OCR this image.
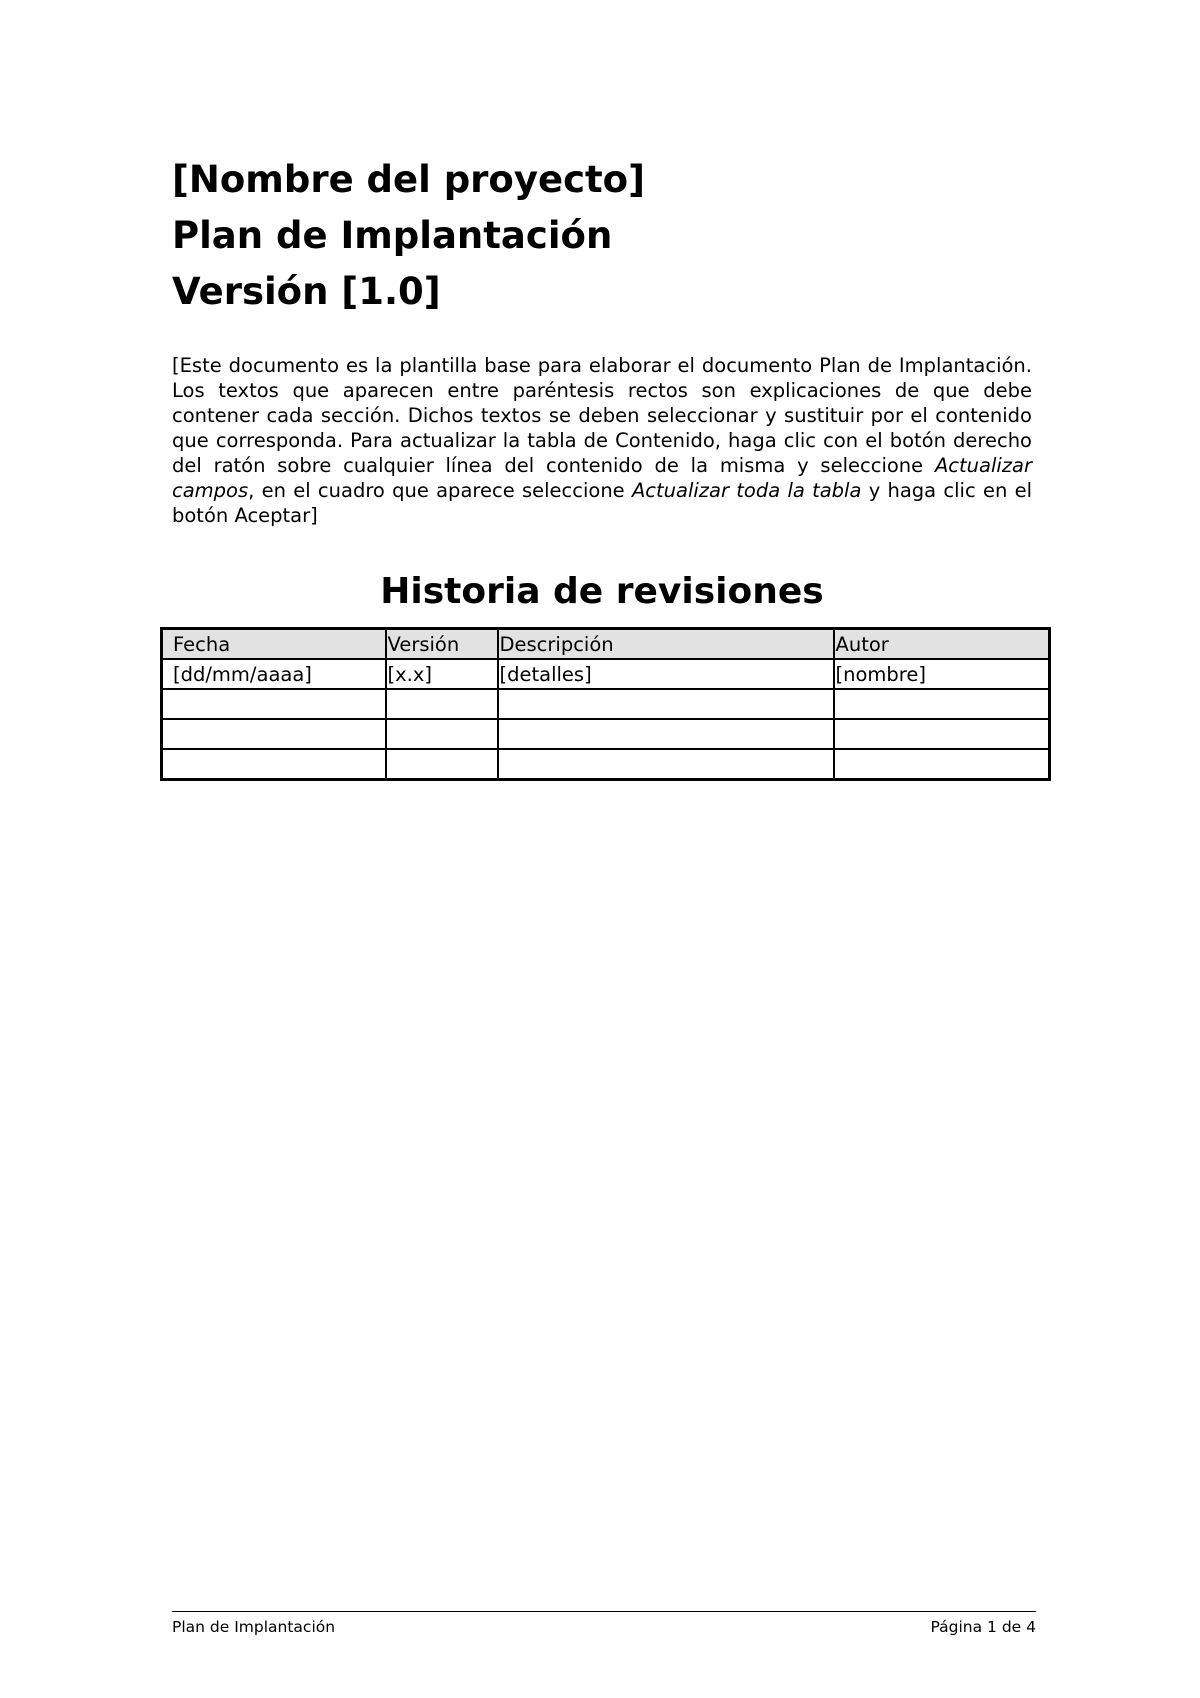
[Nombre del proyecto]

Plan de Implantación

Versión [1.0]

[Este documento es la plantilla base para elaborar el documento Plan de Implantación. Los textos que aparecen entre paréntesis rectos son explicaciones de que debe contener cada sección. Dichos textos se deben seleccionar y sustituir por el contenido que corresponda. Para actualizar la tabla de Contenido, haga clic con el botón derecho del ratón sobre cualquier línea del contenido de la misma y seleccione Actualizar campos, en el cuadro que aparece seleccione Actualizar toda la tabla y haga clic en el botón Aceptar]

Historia de revisiones
Fecha	Versión	Descripción	Autor
[dd/mm/aaaa]	[x.x]	[detalles]	[nombre]

Plan de Implantación	Página 1 de 4
